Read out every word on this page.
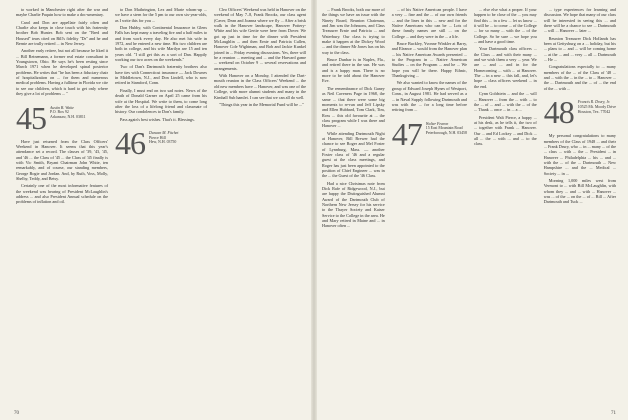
to worked in Manchester right after the war and maybe Charlie Paquin how to make a doc-umentary.

Carol and Don are appellate fairly often and Charlie also keeps in close touch with his fraternity brother Bob Hunter. Bob sent on the "Bred and Housed" tears cited on Bill's fidelity "Dr" and he and Bernie are trully retired ... in New Jersey.

Another early retiree, but not all because he liked it ... Bill Reinemann, a former real estate consultant in Youngstown, Ohio. He says he's been resting since March 1971 when he developed spinal posterior problems. He writes that "he has been a fiduciary chair of hospitalization on ... for them and numerous medical problems. Having a fulltime in Florida we cite to see our children, which is hard to get only where they give a lot of problems ... "

45 Austin B. Waite
P.O. Box 92
Arkansaw, N.H. 03811

Have just returned from the Class Officers' Weekend in Hanover. It seems that this year's attendance set a record. The classes of '39, '43, '45, and '46 ... the Class of '45 ... the Class of '45 finally is with Vic Smith, Bryant Chairman John White, ten remarkably, and of course, our standing members, George Bogie and Jordan. And, by Ruth, Voss, Molly, Shelby, Teddy, and Betsy.

Certainly one of the most informative features of the weekend was hearing of President McLaughlin's address ... and also President Annual schedule on the problems of inflation and oil.

to Don Mathrington, Lex and Marie whom-up ... we have a stern for the 5 pm to our own six-year-olds, as I write this for you ...

Don Hubby, with Continental Insurance in Glens Falls has kept many a traveling fire and a half miles to and from work every day. He also met his wife in 1972, and he entered a new time. His two children are both in college, and his wife Marilyn are 15 and ten years old. "I still get this as a sort of Dan. Happily working our two acres on the weekends."

Two of Dan's Dartmouth fraternity brothers also have ties with Connecticut insurance — Jack Downes in Middletown, N.J., and Don Lindell, who is now retired in Stamford, Conn.

Finally, I must end on two sad notes. News of the death of Donald Garner on April 25 came from his wife at the Hospital. We write to them, to come long after the loss of a lifelong friend and classmate of history. Our condolences to Don's family.

Pass again's best wishes. That's it. Blessings.

46 Duncan M. Fitchet
Pierce Hill
Hew, N.H. 03750

Cleo Officers' Weekend was held in Hanover on the weekend of May 7–8, Frank Brooks, our class agent (Caver, Dean and Joanna where we fly ... After a brisk walk in the Hanover landscape, Hanover Pottery-White and his wife Gertie were here from Dover. We got up just in time for the dinner with President McLaughlin ... and then Ernie and Patricia Cullen, Hanover Cole Wightman, and Bob and Jackie Kunkel joined in ... Friday evening discussions. Yes, there will be a reunion ... meeting and ... and the Harvard game ... weekend on October 9 ... several reservations and arrangements.

With Hanover on a Monday, I attended the Dart-mouth reunion in the Class Officers' Weekend ... the old new members have ... Hanover, and was one of the College, with more alumni students and many in the Kimball Sub hamlet. I can see that we can all do well.

"Things this year in the Memorial Fund will be ..."

70

... Frank Brooks, both our more of the things we have an issue with the Ninety Board, Reunion Chairman, and Jim was the Johnsons, and Class Treasurer Ernie and Patricia ... and Waterbury. Our class is trying to make it happen at the Dickey Wood ... and the dinner Mr Jones has on his way to the class.

Bruce Dunbar is in Naples, Fla., and retired there in the sun. He was and is a happy man. There is no more to be told about the Hanover Eve.

The remembrance of Dick Ganey as Neil Caveness Page in 1968, the same ... that there were some big moments to re-run and Jeff Lipsky and Ellen Hubbard, Tom Clark, Tim, Ross ... this old favourite at ... the class program while I was there and Hanover ...

While attending Dartmouth Night at Hanover, Bill Brewer had the chance to see Roger and Mel Foster of Lynnburg, Mass. — another Foster class of '46 and a regular guest at the class meetings, and Roger has just been appointed to the position of Chief Engineer ... was in the ... the Guest of the '46 Class.

Had a nice Christmas note from Dick Rafe of Ridgewood, N.J., but are happy the Distinguished Alumni Award of the Dartmouth Club of Northern New Jersey for his service to the Thayer Society and Kaiser Service to the College in the area. He and Mary retired in Maine and ... in Hanover often ...

... of his Native American people. I have a very ... fine and the ... of our own friends ... and the lines in this ... new and for the Native Americans who can be ... Lots of these family names are still ... on the College ... and they were in the ... a life.

Bruce Buckley, Yvonne Winkler at Barry, and Eleanor ... would from the Hanover plan ... his Native American Awards presented ... to the Program in ... Native American Studies ... on the Program ... and he ... We hope you will be there. Happy Ethnic, Thanksgiving ...

We also wanted to know the names of the group of Edward Joseph Hynes of Westport, Conn., in August 1981. He had served as a ... in Naval Supply following Dartmouth and was with the ... for a long time before retiring from ...

47 Walter Fearon
15 East Mountain Road
Peterborough, N.H. 03458

... else else what a proper. If your happen to be close of the ... you may find this ... in a few ... let us know ... it will be ... to come ... of the College ... for so many ... with the ... of the College. So be sure ... we hope you ... and have a good time.

Your Dartmouth class officers ... the Class ... and with their many ... and we wish them a very ... year. We are ... and ... and in for the Homecoming ... with ... at Hanover. The ... in a new ... this fall, and, let's hope ... class officers weekend ... in the end.

Cynn Goldstein ... and the ... will ... Hanover ... from the ... with ... to the ... of ... and ... with the ... of the ... Thank ... once ... in ... a ...

President Walt Pierce, a happy ... at his desk, as he tells it, the two of ... together with Frank ... Hanover. Our ... and Ed Lockey ... and Dick ... all ... the ... with ... and ... to the class.

... type experiences for learning and discussion. We hope that many of our class will be interested in seeing this ... and there will be a chance to see ... Dartmouth ... will ... Hanover ... later ...

Reunion Treasurer Dick Hollands has been at Gettysburg on a ... holiday, but his ... plans to ... and ... will be coming home ... at the ... and ... very ... all ... Dartmouth ... He ...

Congratulations especially to ... many members of the ... of the Class of '48 ... and ... with the ... in the ... to ... Hanover ... the ... Dartmouth and the ... of ... the end of the ... with ...

48 Francis R. Drury, Jr.
10525 Mt. Moody Drive
Houston, Tex. 77042

My personal congratulations to many members of the Class of 1948 ... and their ... Frank Drury, who ... in ... many ... of the ... class ... with ... the ... President ... in Hanover ... Philadelphia ... his ... and ... with the ... of the ... Dartmouth ... New Hampshire ... and the ... Medical ... Society ... in ...

Morning 1,000 miles west from Vermont to ... with Bill McLaughlin, with whom they ... and ... with ... Hanover ... was ... of the ... on the ... of ... Bill ... After Dartmouth and Tuck ...

71
